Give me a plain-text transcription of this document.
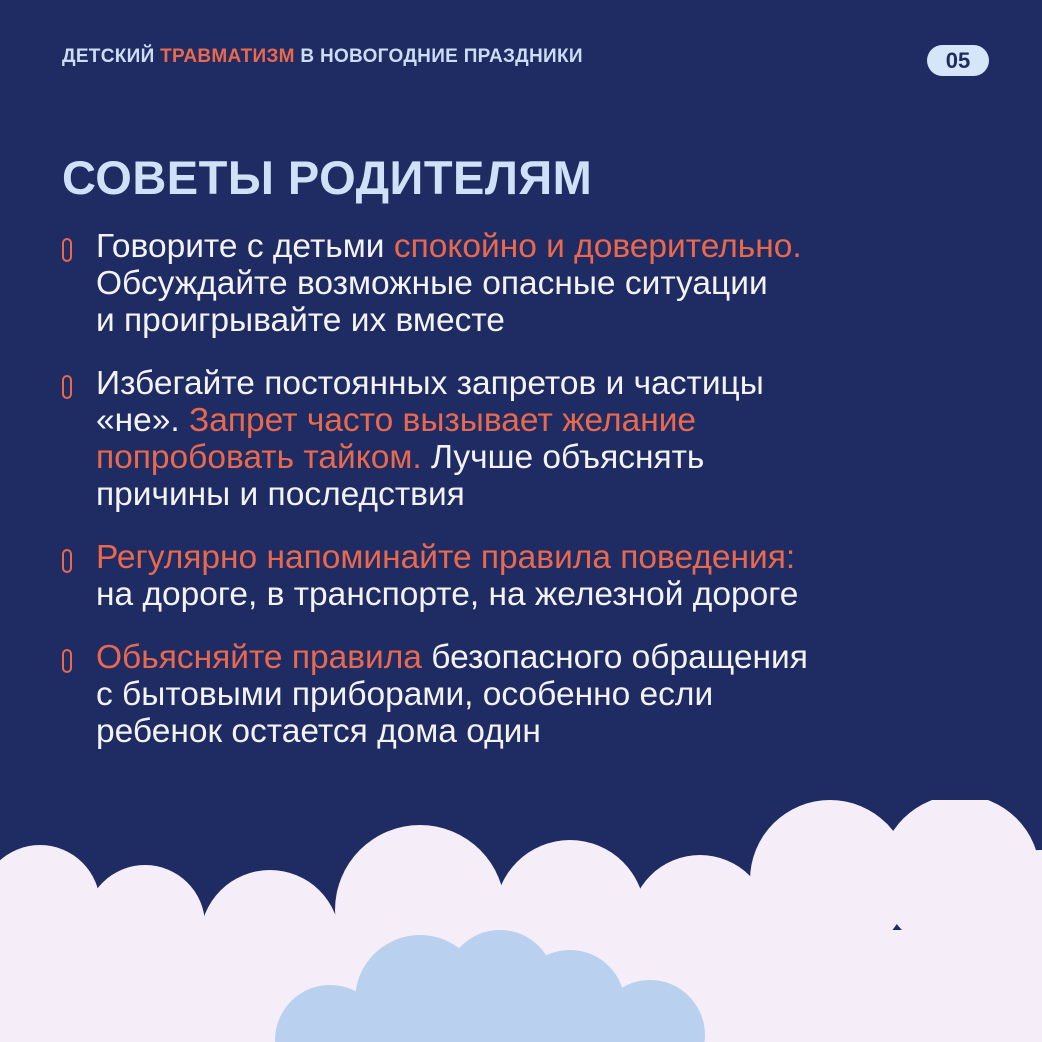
ДЕТСКИЙ ТРАВМАТИЗМ В НОВОГОДНИЕ ПРАЗДНИКИ	05
СОВЕТЫ РОДИТЕЛЯМ
Говорите с детьми спокойно и доверительно.
Обсуждайте возможные опасные ситуации
и проигрывайте их вместе
Избегайте постоянных запретов и частицы
«не». Запрет часто вызывает желание
попробовать тайком. Лучше объяснять
причины и последствия
Регулярно напоминайте правила поведения:
на дороге, в транспорте, на железной дороге
Обьясняйте правила безопасного обращения
с бытовыми приборами, особенно если
ребенок остается дома один
